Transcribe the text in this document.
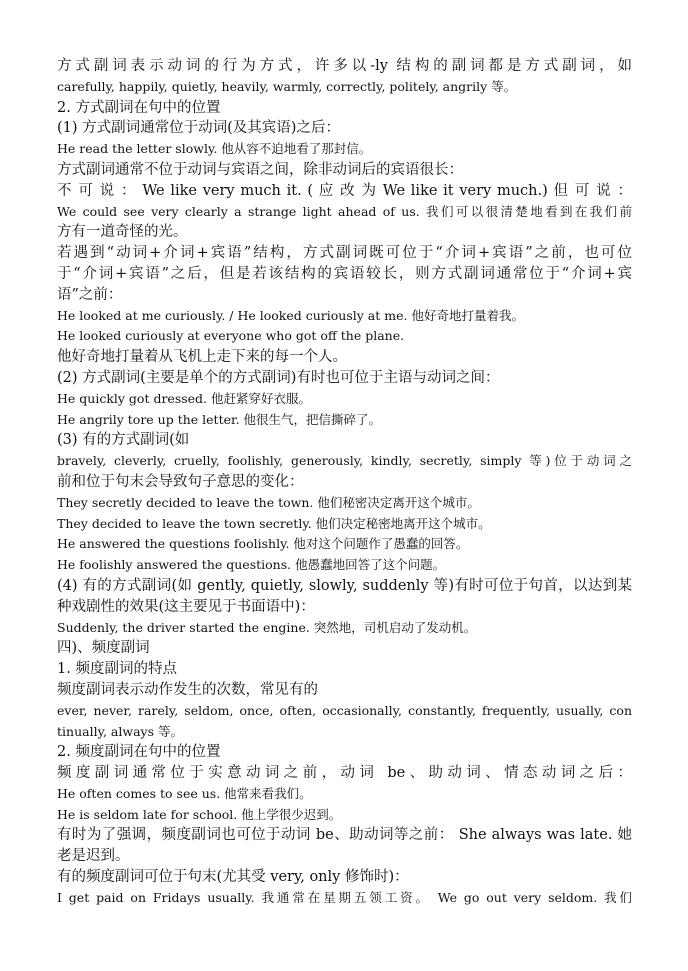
方式副词表示动词的行为方式，许多以-ly 结构的副词都是方式副词，如
carefully, happily, quietly, heavily, warmly, correctly, politely, angrily 等。
2. 方式副词在句中的位置
(1) 方式副词通常位于动词(及其宾语)之后：
He read the letter slowly. 他从容不迫地看了那封信。
方式副词通常不位于动词与宾语之间，除非动词后的宾语很长：
不 可 说 ： We like very much it. ( 应 改 为 We like it very much.) 但 可 说 ：
We could see very clearly a strange light ahead of us. 我们可以很清楚地看到在我们前
方有一道奇怪的光。
若遇到“动词+介词+宾语”结构，方式副词既可位于“介词+宾语”之前，也可位
于“介词+宾语”之后，但是若该结构的宾语较长，则方式副词通常位于“介词+宾
语”之前：
He looked at me curiously. / He looked curiously at me. 他好奇地打量着我。
He looked curiously at everyone who got off the plane.
他好奇地打量着从飞机上走下来的每一个人。
(2) 方式副词(主要是单个的方式副词)有时也可位于主语与动词之间：
He quickly got dressed. 他赶紧穿好衣服。
He angrily tore up the letter. 他很生气，把信撕碎了。
(3) 有的方式副词(如
bravely, cleverly, cruelly, foolishly, generously, kindly, secretly, simply 等)位于动词之
前和位于句末会导致句子意思的变化：
They secretly decided to leave the town. 他们秘密决定离开这个城市。
They decided to leave the town secretly. 他们决定秘密地离开这个城市。
He answered the questions foolishly. 他对这个问题作了愚蠢的回答。
He foolishly answered the questions. 他愚蠢地回答了这个问题。
(4) 有的方式副词(如 gently, quietly, slowly, suddenly 等)有时可位于句首，以达到某
种戏剧性的效果(这主要见于书面语中)：
Suddenly, the driver started the engine. 突然地，司机启动了发动机。
四)、频度副词
1. 频度副词的特点
频度副词表示动作发生的次数，常见有的
ever, never, rarely, seldom, once, often, occasionally, constantly, frequently, usually, con
tinually, always 等。
2. 频度副词在句中的位置
频度副词通常位于实意动词之前，动词 be、助动词、情态动词之后：
He often comes to see us. 他常来看我们。
He is seldom late for school. 他上学很少迟到。
有时为了强调，频度副词也可位于动词 be、助动词等之前： She always was late. 她
老是迟到。
有的频度副词可位于句末(尤其受 very, only 修饰时)：
I get paid on Fridays usually. 我通常在星期五领工资。 We go out very seldom. 我们
